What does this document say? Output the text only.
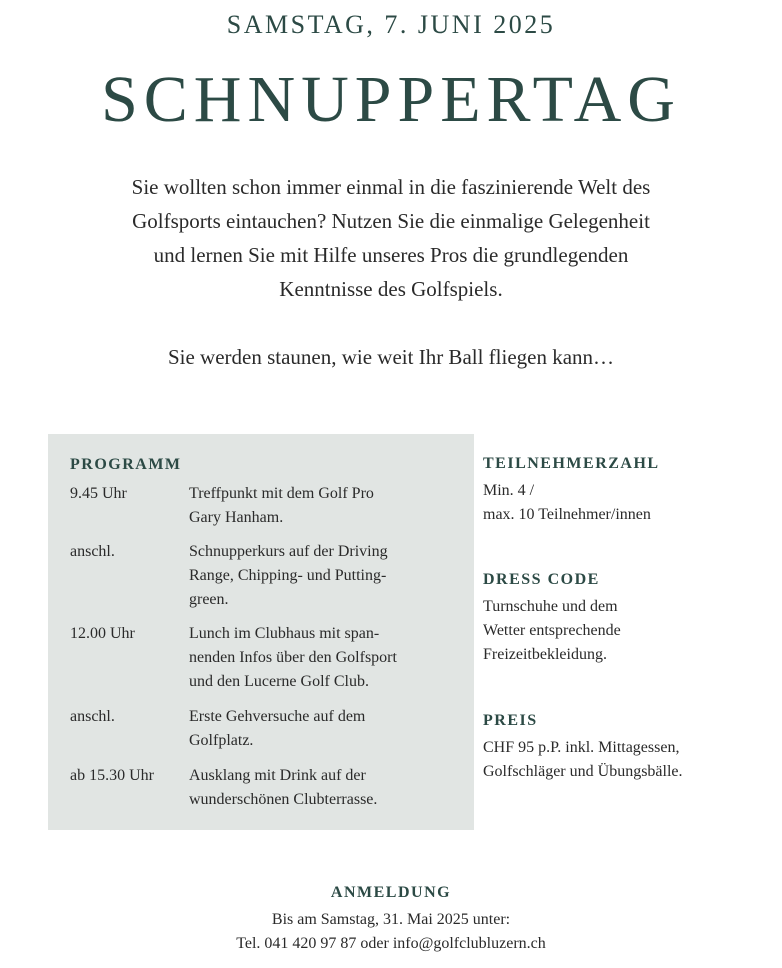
SAMSTAG, 7. JUNI 2025
SCHNUPPERTAG
Sie wollten schon immer einmal in die faszinierende Welt des
Golfsports eintauchen? Nutzen Sie die einmalige Gelegenheit
und lernen Sie mit Hilfe unseres Pros die grundlegenden
Kenntnisse des Golfspiels.
Sie werden staunen, wie weit Ihr Ball fliegen kann…
PROGRAMM
9.45 Uhr	Treffpunkt mit dem Golf Pro
Gary Hanham.
anschl.	Schnupperkurs auf der Driving
Range, Chipping- und Putting-
green.
12.00 Uhr	Lunch im Clubhaus mit span-
nenden Infos über den Golfsport
und den Lucerne Golf Club.
anschl.	Erste Gehversuche auf dem
Golfplatz.
ab 15.30 Uhr	Ausklang mit Drink auf der
wunderschönen Clubterrasse.
TEILNEHMERZAHL
Min. 4 /
max. 10 Teilnehmer/innen
DRESS CODE
Turnschuhe und dem
Wetter entsprechende
Freizeitbekleidung.
PREIS
CHF 95 p.P. inkl. Mittagessen,
Golfschläger und Übungsbälle.
ANMELDUNG
Bis am Samstag, 31. Mai 2025 unter:
Tel. 041 420 97 87 oder info@golfclubluzern.ch
